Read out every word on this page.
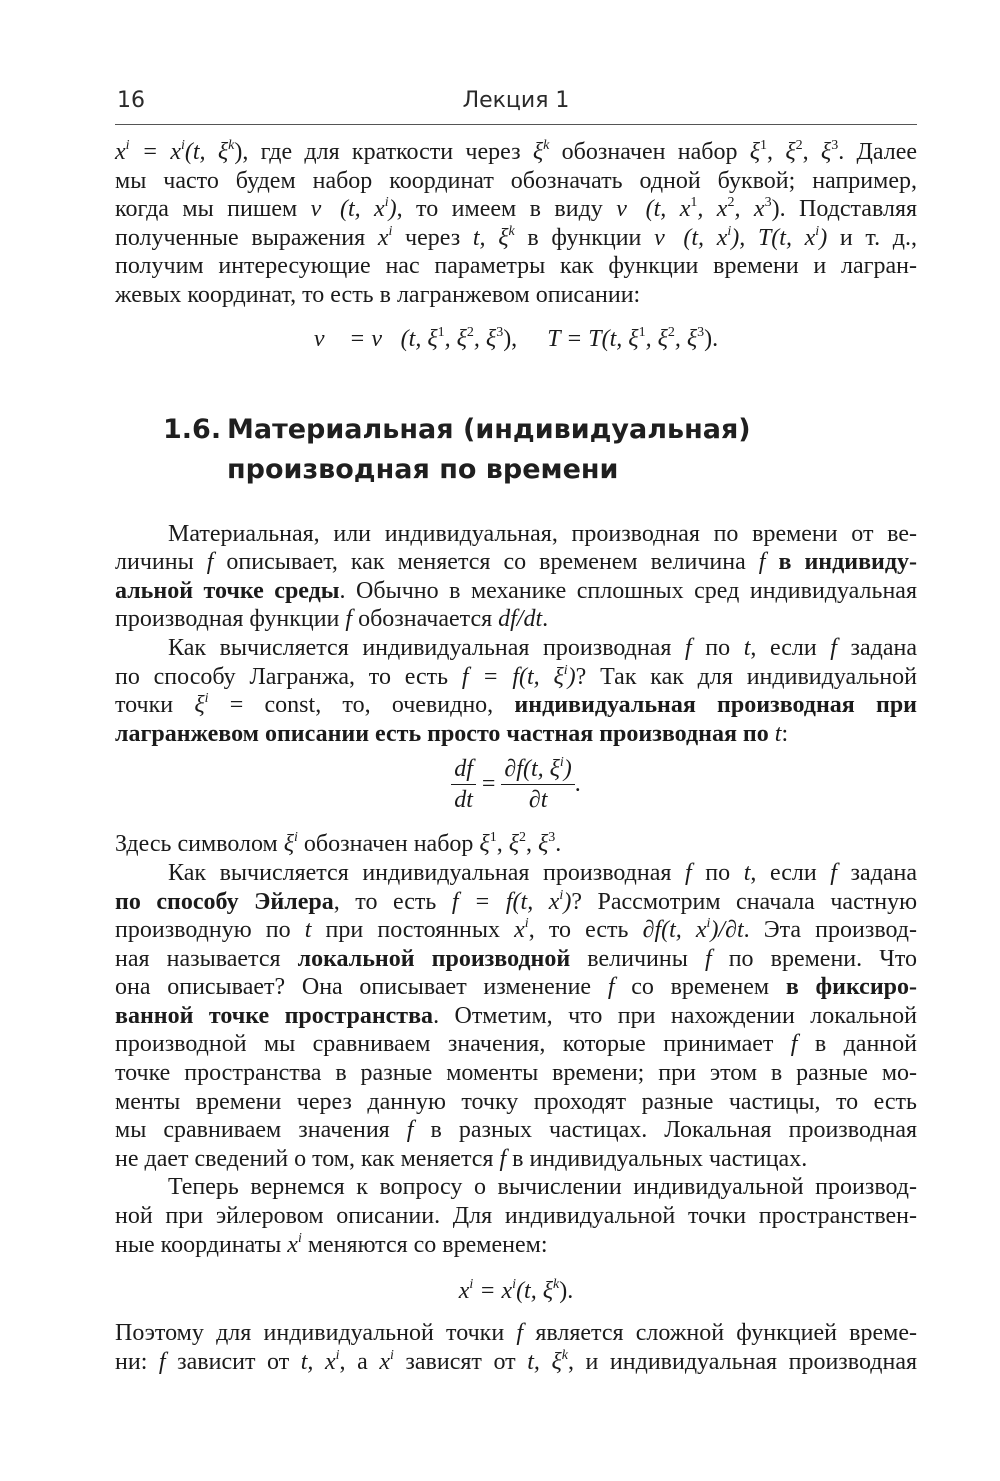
16	Лекция 1
$x^i = x^i(t$, $\xi^k$), где для краткости через $\xi^k$ обозначен набор $\xi^1$, $\xi^2$, $\xi^3$. Далее
мы часто будем набор координат обозначать одной буквой; например,
когда мы пишем v⃗(t, $x^i$), то имеем в виду v⃗(t, $x^1$, $x^2$, $x^3$). Подставляя
полученные выражения $x^i$ через t, $\xi^k$ в функции v⃗(t, $x^i$), T(t, $x^i$) и т. д.,
получим интересующие нас параметры как функции времени и лагран-
жевых координат, то есть в лагранжевом описании:
v⃗ = v⃗(t, $\xi^1$, $\xi^2$, $\xi^3$),     T = T(t, $\xi^1$, $\xi^2$, $\xi^3$).
1.6. Материальная (индивидуальная)
производная по времени
Материальная, или индивидуальная, производная по времени от ве-
личины f описывает, как меняется со временем величина f в индивиду-
альной точке среды. Обычно в механике сплошных сред индивидуальная
производная функции f обозначается df/dt.
Как вычисляется индивидуальная производная f по t, если f задана
по способу Лагранжа, то есть f = f(t, $\xi^i$)? Так как для индивидуальной
точки $\xi^i$ = const, то, очевидно, индивидуальная производная при
лагранжевом описании есть просто частная производная по t:
$\frac{df}{dt} = \frac{\partial f(t, \xi^i)}{\partial t}$ .
Здесь символом $\xi^i$ обозначен набор $\xi^1$, $\xi^2$, $\xi^3$.
Как вычисляется индивидуальная производная f по t, если f задана
по способу Эйлера, то есть f = f(t, $x^i$)? Рассмотрим сначала частную
производную по t при постоянных $x^i$, то есть ∂f(t, $x^i)/\partial t$. Эта производ-
ная называется локальной производной величины f по времени. Что
она описывает? Она описывает изменение f со временем в фиксиро-
ванной точке пространства. Отметим, что при нахождении локальной
производной мы сравниваем значения, которые принимает f в данной
точке пространства в разные моменты времени; при этом в разные мо-
менты времени через данную точку проходят разные частицы, то есть
мы сравниваем значения f в разных частицах. Локальная производная
не дает сведений о том, как меняется f в индивидуальных частицах.
Теперь вернемся к вопросу о вычислении индивидуальной производ-
ной при эйлеровом описании. Для индивидуальной точки пространствен-
ные координаты $x^i$ меняются со временем:
$x^i = x^i(t$, $\xi^k$).
Поэтому для индивидуальной точки f является сложной функцией време-
ни: f зависит от t, $x^i$, а $x^i$ зависят от t, $\xi^k$, и индивидуальная производная
